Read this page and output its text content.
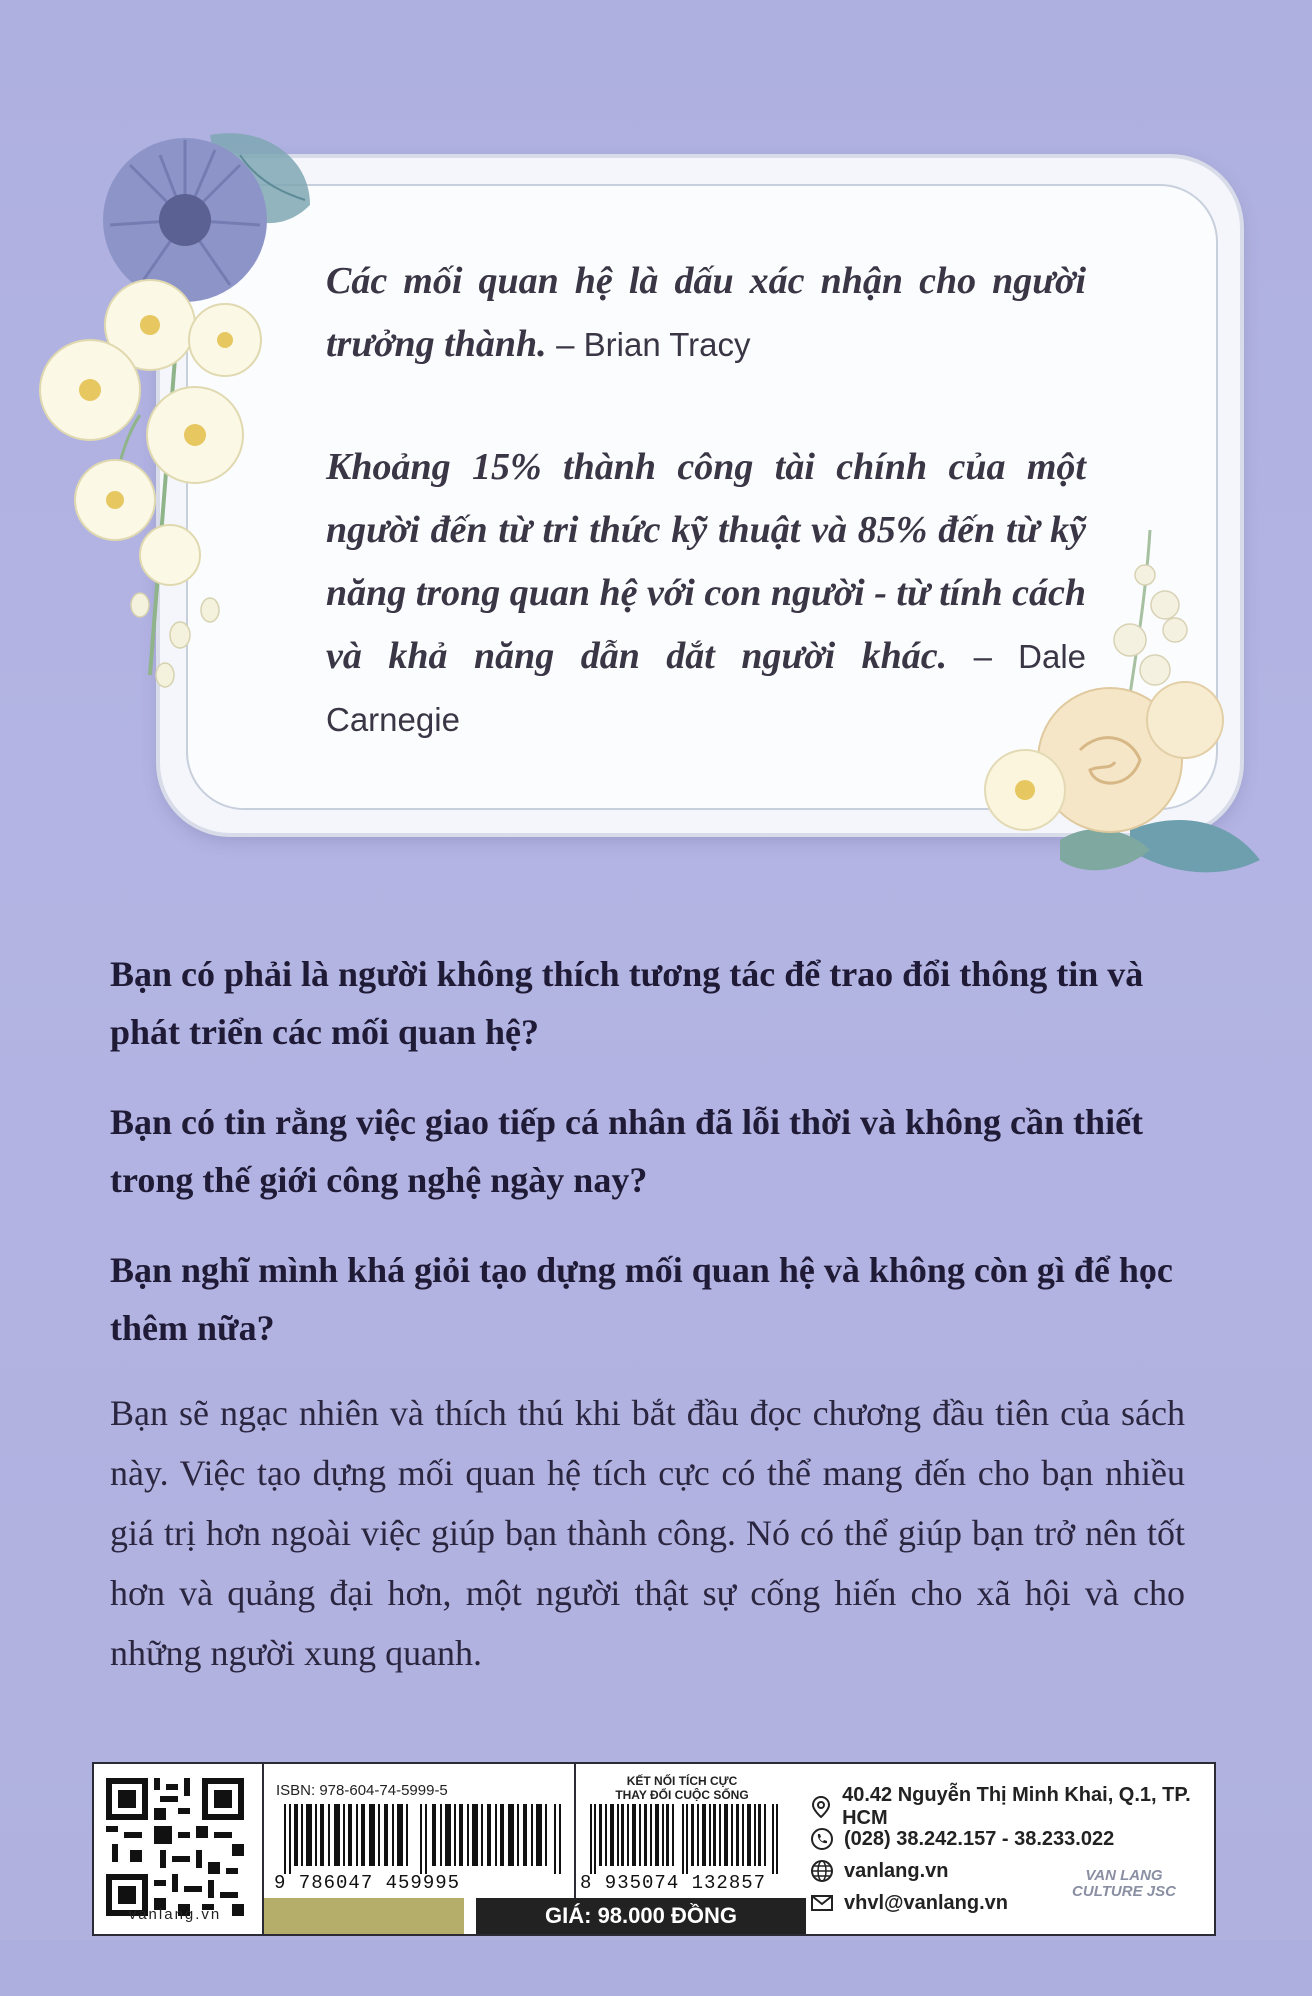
Các mối quan hệ là dấu xác nhận cho người trưởng thành. – Brian Tracy

Khoảng 15% thành công tài chính của một người đến từ tri thức kỹ thuật và 85% đến từ kỹ năng trong quan hệ với con người - từ tính cách và khả năng dẫn dắt người khác. – Dale Carnegie

Bạn có phải là người không thích tương tác để trao đổi thông tin và phát triển các mối quan hệ?

Bạn có tin rằng việc giao tiếp cá nhân đã lỗi thời và không cần thiết trong thế giới công nghệ ngày nay?

Bạn nghĩ mình khá giỏi tạo dựng mối quan hệ và không còn gì để học thêm nữa?

Bạn sẽ ngạc nhiên và thích thú khi bắt đầu đọc chương đầu tiên của sách này. Việc tạo dựng mối quan hệ tích cực có thể mang đến cho bạn nhiều giá trị hơn ngoài việc giúp bạn thành công. Nó có thể giúp bạn trở nên tốt hơn và quảng đại hơn, một người thật sự cống hiến cho xã hội và cho những người xung quanh.

vanlang.vn
ISBN: 978-604-74-5999-5
9 786047 459995
KẾT NỐI TÍCH CỰC
THAY ĐỔI CUỘC SỐNG
8 935074 132857
GIÁ: 98.000 ĐỒNG
40.42 Nguyễn Thị Minh Khai, Q.1, TP. HCM
(028) 38.242.157 - 38.233.022
vanlang.vn
vhvl@vanlang.vn
VAN LANG
CULTURE JSC
